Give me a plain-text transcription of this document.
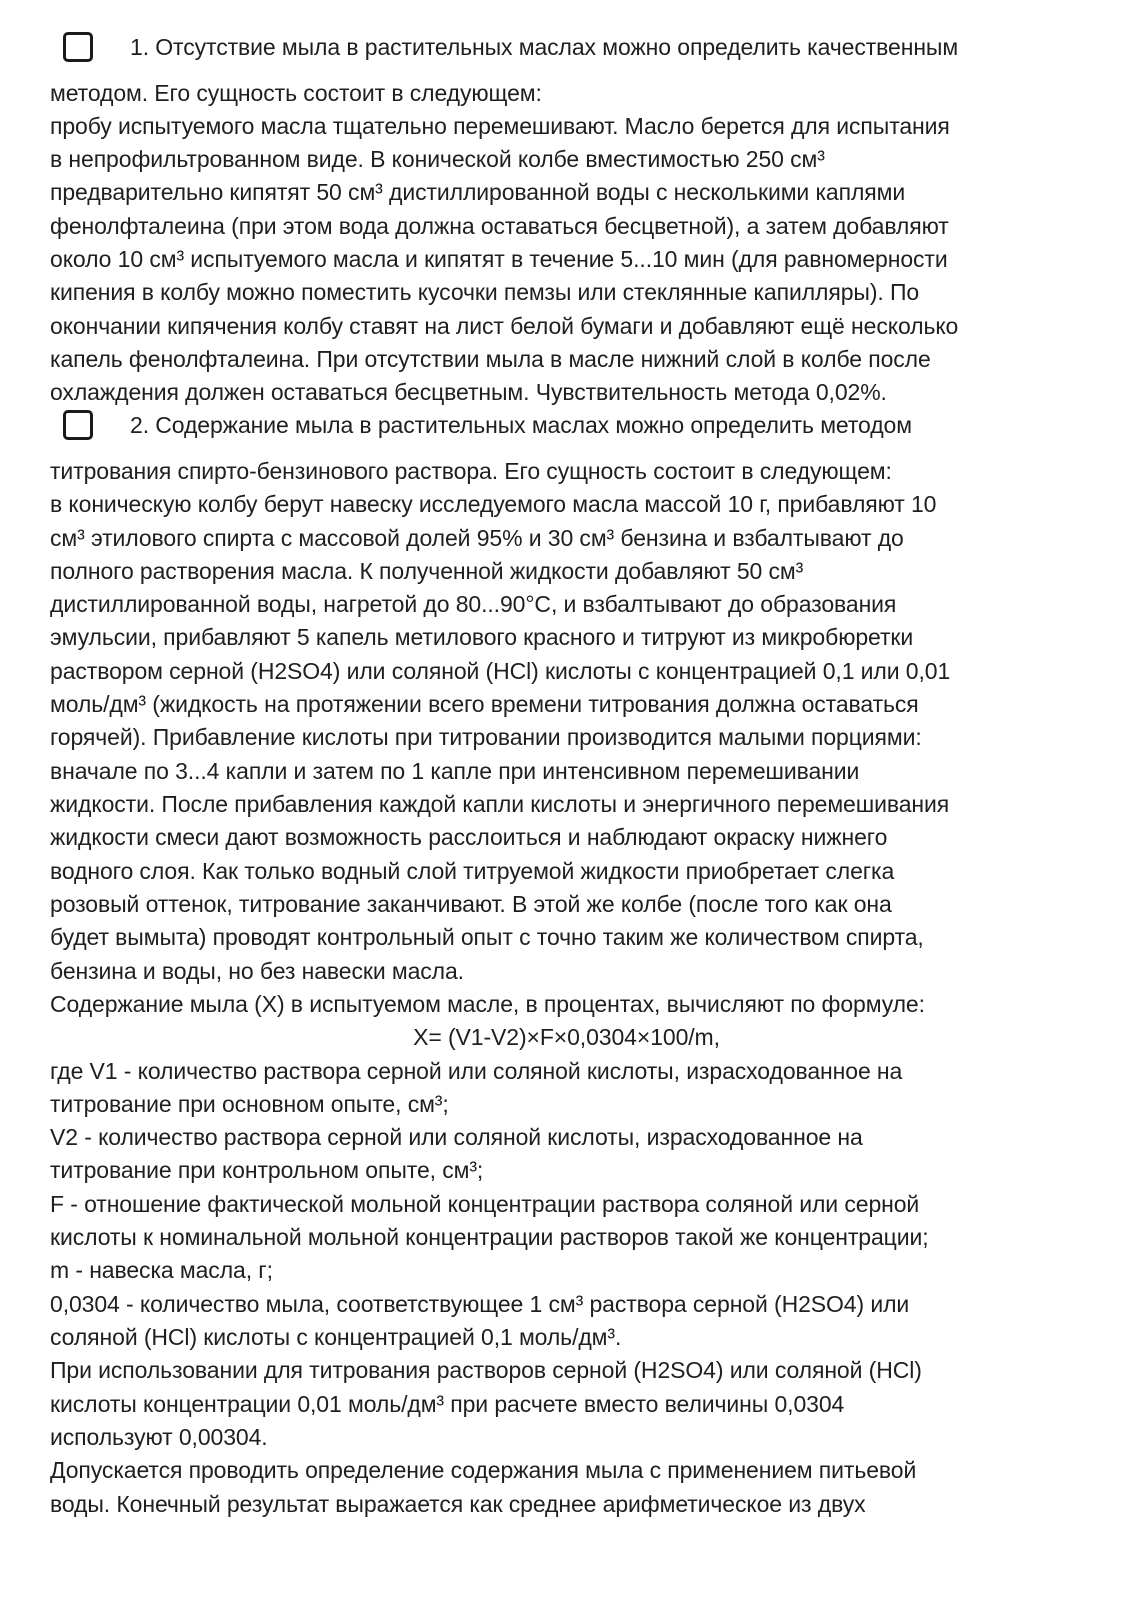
1. Отсутствие мыла в растительных маслах можно определить качественным
методом. Его сущность состоит в следующем:
пробу испытуемого масла тщательно перемешивают. Масло берется для испытания
в непрофильтрованном виде. В конической колбе вместимостью 250 см³
предварительно кипятят 50 см³ дистиллированной воды с несколькими каплями
фенолфталеина (при этом вода должна оставаться бесцветной), а затем добавляют
около 10 см³ испытуемого масла и кипятят в течение 5...10 мин (для равномерности
кипения в колбу можно поместить кусочки пемзы или стеклянные капилляры). По
окончании кипячения колбу ставят на лист белой бумаги и добавляют ещё несколько
капель фенолфталеина. При отсутствии мыла в масле нижний слой в колбе после
охлаждения должен оставаться бесцветным. Чувствительность метода 0,02%.
2. Содержание мыла в растительных маслах можно определить методом
титрования спирто-бензинового раствора. Его сущность состоит в следующем:
в коническую колбу берут навеску исследуемого масла массой 10 г, прибавляют 10
см³ этилового спирта с массовой долей 95% и 30 см³ бензина и взбалтывают до
полного растворения масла. К полученной жидкости добавляют 50 см³
дистиллированной воды, нагретой до 80...90°С, и взбалтывают до образования
эмульсии, прибавляют 5 капель метилового красного и титруют из микробюретки
раствором серной (H2SO4) или соляной (HCl) кислоты с концентрацией 0,1 или 0,01
моль/дм³ (жидкость на протяжении всего времени титрования должна оставаться
горячей). Прибавление кислоты при титровании производится малыми порциями:
вначале по 3...4 капли и затем по 1 капле при интенсивном перемешивании
жидкости. После прибавления каждой капли кислоты и энергичного перемешивания
жидкости смеси дают возможность расслоиться и наблюдают окраску нижнего
водного слоя. Как только водный слой титруемой жидкости приобретает слегка
розовый оттенок, титрование заканчивают. В этой же колбе (после того как она
будет вымыта) проводят контрольный опыт с точно таким же количеством спирта,
бензина и воды, но без навески масла.
Содержание мыла (X) в испытуемом масле, в процентах, вычисляют по формуле:
X= (V1-V2)×F×0,0304×100/m,
где V1 - количество раствора серной или соляной кислоты, израсходованное на
титрование при основном опыте, см³;
V2 - количество раствора серной или соляной кислоты, израсходованное на
титрование при контрольном опыте, см³;
F - отношение фактической мольной концентрации раствора соляной или серной
кислоты к номинальной мольной концентрации растворов такой же концентрации;
m - навеска масла, г;
0,0304 - количество мыла, соответствующее 1 см³ раствора серной (H2SO4) или
соляной (HCl) кислоты с концентрацией 0,1 моль/дм³.
При использовании для титрования растворов серной (H2SO4) или соляной (HCl)
кислоты концентрации 0,01 моль/дм³ при расчете вместо величины 0,0304
используют 0,00304.
Допускается проводить определение содержания мыла с применением питьевой
воды. Конечный результат выражается как среднее арифметическое из двух
